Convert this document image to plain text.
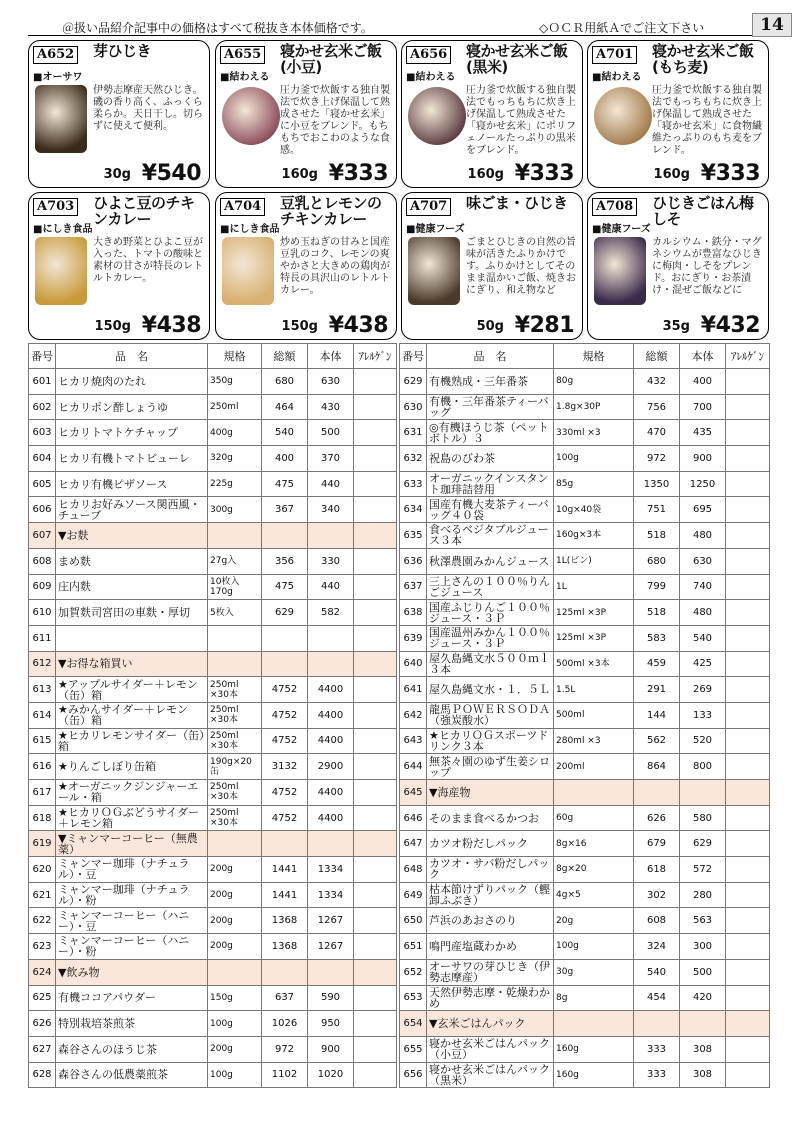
＠扱い品紹介記事中の価格はすべて税抜き本体価格です。	◇ＯＣＲ用紙Ａでご注文下さい	14
A652 芽ひじき
■オーサワ
伊勢志摩産天然ひじき。磯の香り高く、ふっくら柔らか。天日干し。切らずに使えて便利。
30g ¥540
A655 寝かせ玄米ご飯(小豆)
■結わえる
圧力釜で炊飯する独自製法で炊き上げ保温して熟成させた「寝かせ玄米」に小豆をブレンド。もちもちでおこわのような食感。
160g ¥333
A656 寝かせ玄米ご飯(黒米)
■結わえる
圧力釜で炊飯する独自製法でもっちもちに炊き上げ保温して熟成させた「寝かせ玄米」にポリフェノールたっぷりの黒米をブレンド。
160g ¥333
A701 寝かせ玄米ご飯(もち麦)
■結わえる
圧力釜で炊飯する独自製法でもっちもちに炊き上げ保温して熟成させた「寝かせ玄米」に食物繊維たっぷりのもち麦をブレンド。
160g ¥333
A703 ひよこ豆のチキンカレー
■にしき食品
大きめ野菜とひよこ豆が入った、トマトの酸味と素材の甘さが特長のレトルトカレー。
150g ¥438
A704 豆乳とレモンのチキンカレー
■にしき食品
炒め玉ねぎの甘みと国産豆乳のコク、レモンの爽やかさと大きめの鶏肉が特長の具沢山のレトルトカレー。
150g ¥438
A707 味ごま・ひじき
■健康フーズ
ごまとひじきの自然の旨味が活きたふりかけです。ふりかけとしてそのまま温かいご飯、焼きおにぎり、和え物など
50g ¥281
A708 ひじきごはん梅しそ
■健康フーズ
カルシウム・鉄分・マグネシウムが豊富なひじきに梅肉・しそをプレンド。おにぎり・お茶漬け・混ぜご飯などに
35g ¥432
番号	品　名	規格	総額	本体	ｱﾚﾙｹﾞﾝ
601	ヒカリ焼肉のたれ	350g	680	630	
602	ヒカリポン酢しょうゆ	250ml	464	430	
603	ヒカリトマトケチャップ	400g	540	500	
604	ヒカリ有機トマトピューレ	320g	400	370	
605	ヒカリ有機ピザソース	225g	475	440	
606	ヒカリお好みソース関西風・チューブ	300g	367	340	
607	▼お麩				
608	まめ麩	27g入	356	330	
609	庄内麩	10枚入 170g	475	440	
610	加賀麩司宮田の車麩・厚切	5枚入	629	582	
611					
612	▼お得な箱買い				
613	★アップルサイダー＋レモン（缶）箱	250ml ×30本	4752	4400	
614	★みかんサイダー＋レモン（缶）箱	250ml ×30本	4752	4400	
615	★ヒカリレモンサイダー（缶）箱	250ml ×30本	4752	4400	
616	★りんごしぼり缶箱	190g×20缶	3132	2900	
617	★オーガニックジンジャーエール・箱	250ml ×30本	4752	4400	
618	★ヒカリＯＧぶどうサイダー＋レモン箱	250ml ×30本	4752	4400	
619	▼ミャンマーコーヒー（無農薬）				
620	ミャンマー珈琲（ナチュラル）・豆	200g	1441	1334	
621	ミャンマー珈琲（ナチュラル）・粉	200g	1441	1334	
622	ミャンマーコーヒー（ハニー）・豆	200g	1368	1267	
623	ミャンマーコーヒー（ハニー）・粉	200g	1368	1267	
624	▼飲み物				
625	有機ココアパウダー	150g	637	590	
626	特別栽培茶煎茶	100g	1026	950	
627	森谷さんのほうじ茶	200g	972	900	
628	森谷さんの低農薬煎茶	100g	1102	1020	
番号	品　名	規格	総額	本体	ｱﾚﾙｹﾞﾝ
629	有機熟成・三年番茶	80g	432	400	
630	有機・三年番茶ティーバッグ	1.8g×30P	756	700	
631	◎有機ほうじ茶（ペットボトル）３	330ml ×3	470	435	
632	祝島のびわ茶	100g	972	900	
633	オーガニックインスタント珈琲詰替用	85g	1350	1250	
634	国産有機大麦茶ティーバッグ４０袋	10g×40袋	751	695	
635	食べるベジタブルジュース３本	160g×3本	518	480	
636	秋澤農園みかんジュース	1L(ビン)	680	630	
637	三上さんの１００％りんごジュース	1L	799	740	
638	国産ふじりんご１００％ジュース・３Ｐ	125ml ×3P	518	480	
639	国産温州みかん１００％ジュース・３Ｐ	125ml ×3P	583	540	
640	屋久島縄文水５００ｍｌ３本	500ml ×3本	459	425	
641	屋久島縄文水・１．５Ｌ	1.5L	291	269	
642	龍馬ＰＯＷＥＲＳＯＤＡ（強炭酸水）	500ml	144	133	
643	★ヒカリＯＧスポーツドリンク３本	280ml ×3	562	520	
644	無茶々園のゆず生姜シロップ	200ml	864	800	
645	▼海産物				
646	そのまま食べるかつお	60g	626	580	
647	カツオ粉だしパック	8g×16	679	629	
648	カツオ・サバ粉だしパック	8g×20	618	572	
649	枯本節けずりパック（鰹卸ふぶき）	4g×5	302	280	
650	芦浜のあおさのり	20g	608	563	
651	鳴門産塩蔵わかめ	100g	324	300	
652	オーサワの芽ひじき（伊勢志摩産）	30g	540	500	
653	天然伊勢志摩・乾燥わかめ	8g	454	420	
654	▼玄米ごはんパック				
655	寝かせ玄米ごはんパック（小豆）	160g	333	308	
656	寝かせ玄米ごはんパック（黒米）	160g	333	308	
